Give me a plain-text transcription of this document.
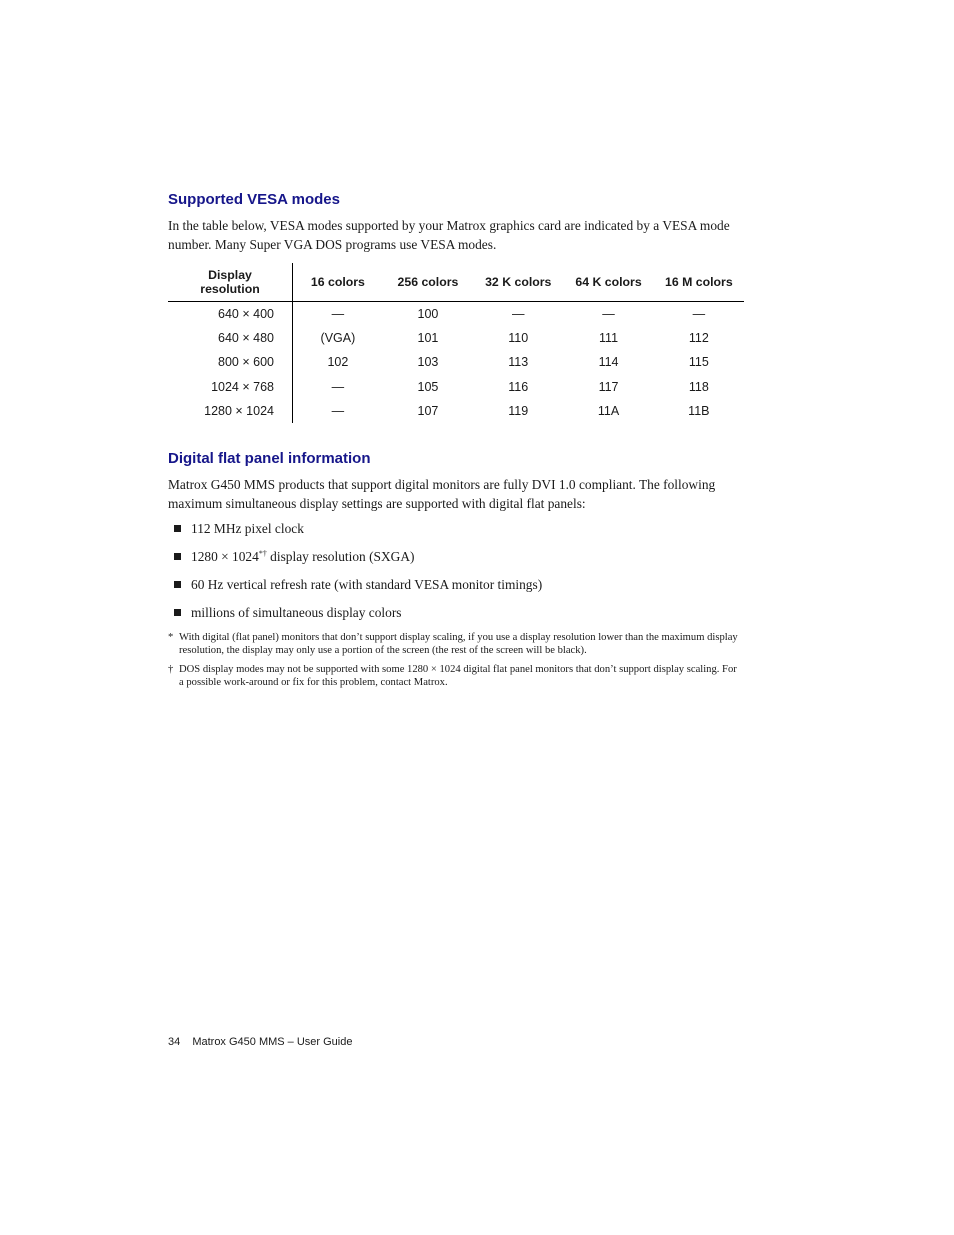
Supported VESA modes

In the table below, VESA modes supported by your Matrox graphics card are indicated by a VESA mode number. Many Super VGA DOS programs use VESA modes.

Display resolution	16 colors	256 colors	32 K colors	64 K colors	16 M colors
640 × 400	—	100	—	—	—
640 × 480	(VGA)	101	110	111	112
800 × 600	102	103	113	114	115
1024 × 768	—	105	116	117	118
1280 × 1024	—	107	119	11A	11B
Digital flat panel information

Matrox G450 MMS products that support digital monitors are fully DVI 1.0 compliant. The following maximum simultaneous display settings are supported with digital flat panels:

112 MHz pixel clock
1280 × 1024*† display resolution (SXGA)
60 Hz vertical refresh rate (with standard VESA monitor timings)
millions of simultaneous display colors
* With digital (flat panel) monitors that don’t support display scaling, if you use a display resolution lower than the maximum display resolution, the display may only use a portion of the screen (the rest of the screen will be black).
† DOS display modes may not be supported with some 1280 × 1024 digital flat panel monitors that don’t support display scaling. For a possible work-around or fix for this problem, contact Matrox.
34 Matrox G450 MMS – User Guide
